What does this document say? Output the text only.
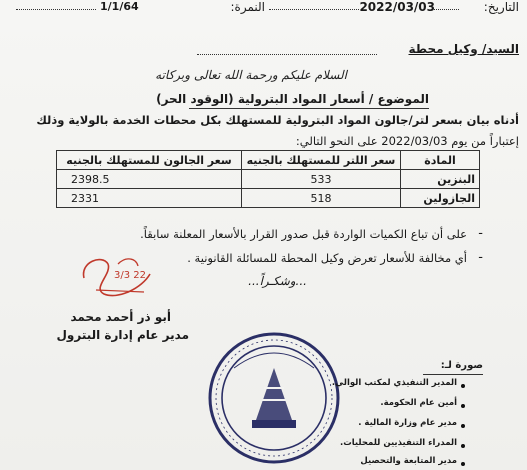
التاريخ:
2022/03/03
النمرة:
1/1/64
السيد/ وكيل محطة
السلام عليكم ورحمة الله تعالى وبركاته
الموضوع / أسعار المواد البترولية (الوقود الحر)
أدناه بيان بسعر لتر/جالون المواد البترولية للمستهلك بكل محطات الخدمة بالولاية وذلك
إعتباراً من يوم 2022/03/03 على النحو التالي:
المادة	سعر اللتر للمستهلك بالجنيه	سعر الجالون للمستهلك بالجنيه
البنزين	533	2398.5
الجازولين	518	2331
-
على أن تباع الكميات الواردة قبل صدور القرار بالأسعار المعلنة سابقاً.
-
أي مخالفة للأسعار تعرض وكيل المحطة للمسائلة القانونية .
...وشكـراً...
3/3 22
أبو ذر أحمد محمد
مدير عام إدارة البترول
صورة لـ:
المدير التنفيذي لمكتب الوالي.
أمين عام الحكومة.
مدير عام وزارة المالية .
المدراء التنفيذيين للمحليات.
مدير المتابعة والتحصيل
